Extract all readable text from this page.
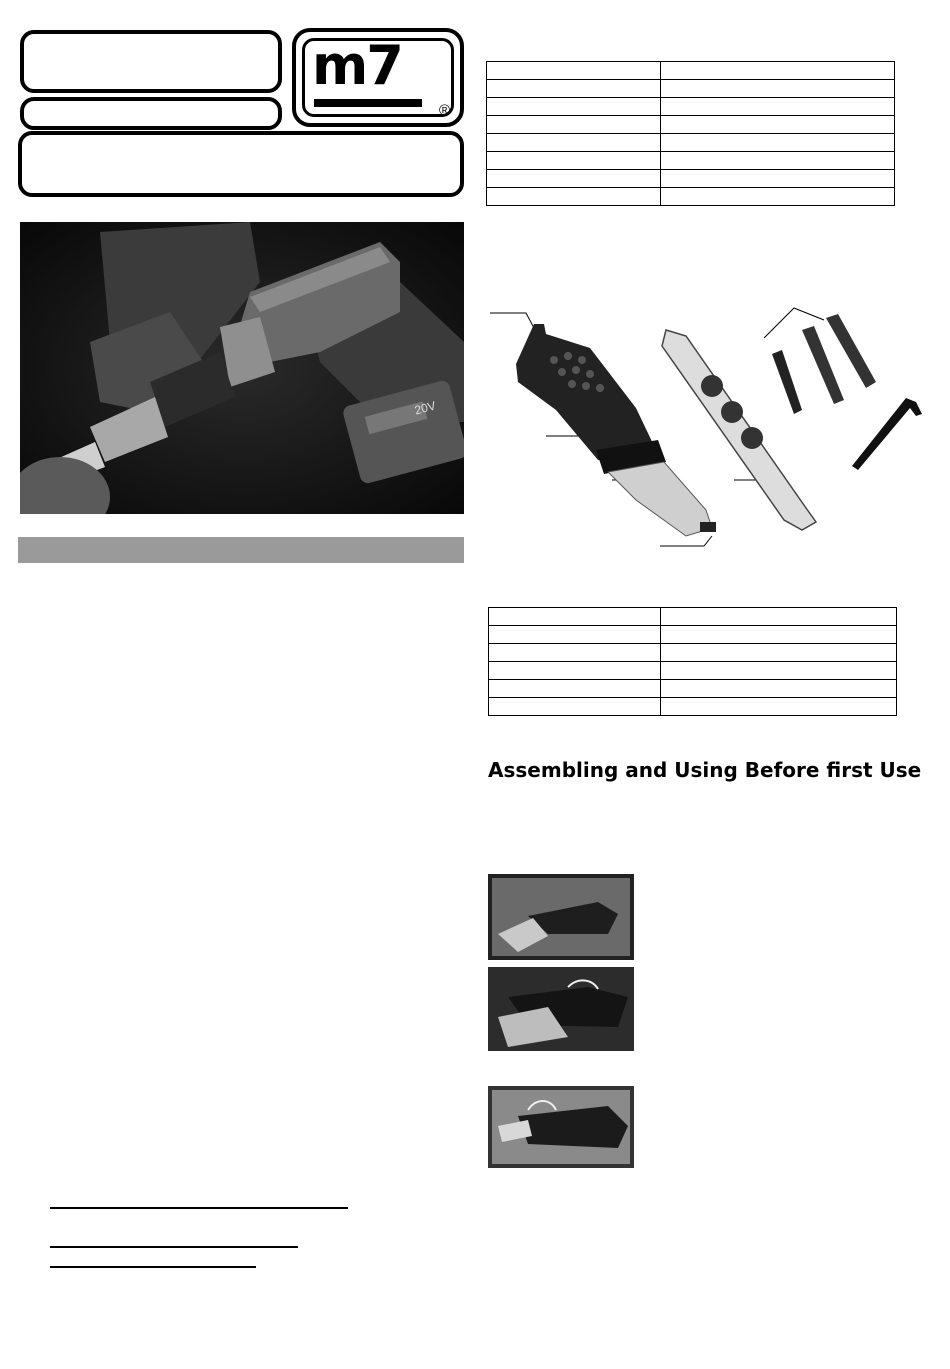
m7
®
20V

Assembling and Using Before first Use
